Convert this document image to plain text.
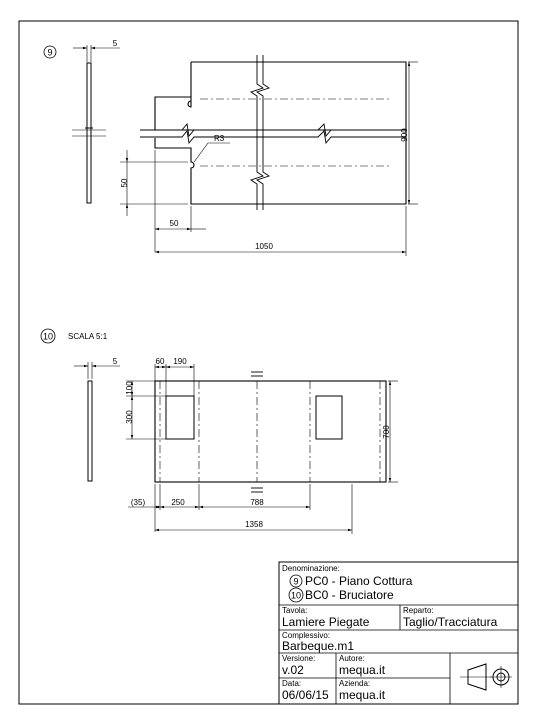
9
5
R3
50
50
1050
900
10 SCALA 5:1
5	60 190
100
300
700
(35)	250	788
1358
Denominazione:
9 PC0 - Piano Cottura
10 BC0 - Bruciatore
Tavola:
Lamiere Piegate
Reparto:
Taglio/Tracciatura
Complessivo:
Barbeque.m1
Versione:
v.02
Autore:
mequa.it
Data:
06/06/15
Azienda:
mequa.it
